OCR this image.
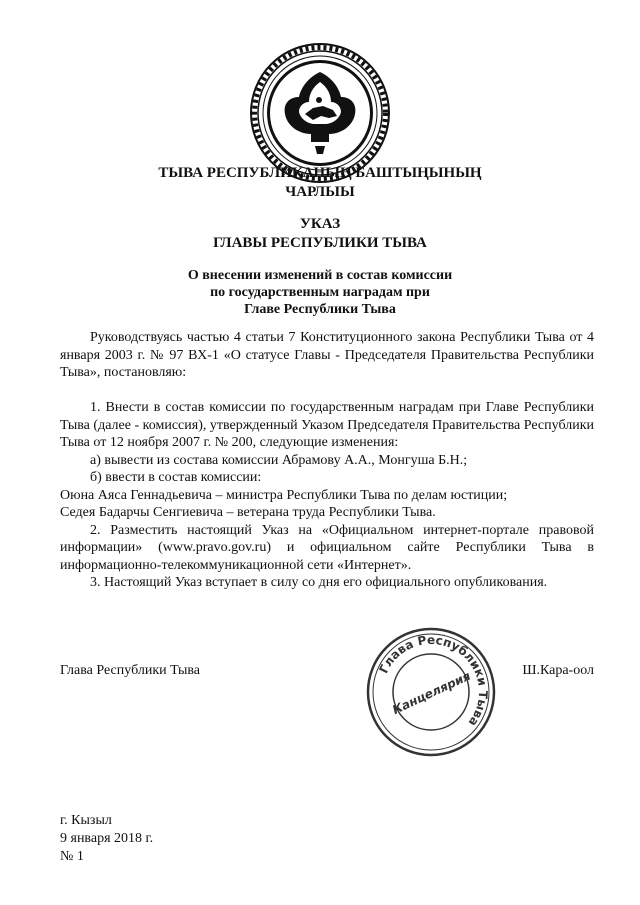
ТЫВА РЕСПУБЛИКАНЫҢ БАШТЫҢЫНЫҢ
ЧАРЛЫЫ
УКАЗ
ГЛАВЫ РЕСПУБЛИКИ ТЫВА
О внесении изменений в состав комиссии
по государственным наградам при
Главе Республики Тыва
Руководствуясь частью 4 статьи 7 Конституционного закона Республики Тыва от 4 января 2003 г. № 97 ВХ-1 «О статусе Главы - Председателя Правительства Республики Тыва», постановляю:

1. Внести в состав комиссии по государственным наградам при Главе Республики Тыва (далее - комиссия), утвержденный Указом Председателя Правительства Республики Тыва от 12 ноября 2007 г. № 200, следующие изменения:

а) вывести из состава комиссии Абрамову А.А., Монгуша Б.Н.;

б) ввести в состав комиссии:

Оюна Аяса Геннадьевича – министра Республики Тыва по делам юстиции;

Седея Бадарчы Сенгиевича – ветерана труда Республики Тыва.

2. Разместить настоящий Указ на «Официальном интернет-портале правовой информации» (www.pravo.gov.ru) и официальном сайте Республики Тыва в информационно-телекоммуникационной сети «Интернет».

3. Настоящий Указ вступает в силу со дня его официального опубликования.

Глава Республики Тыва
Канцелярия
Глава Республики Тыва	Ш.Кара-оол
г. Кызыл
9 января 2018 г.
№ 1
